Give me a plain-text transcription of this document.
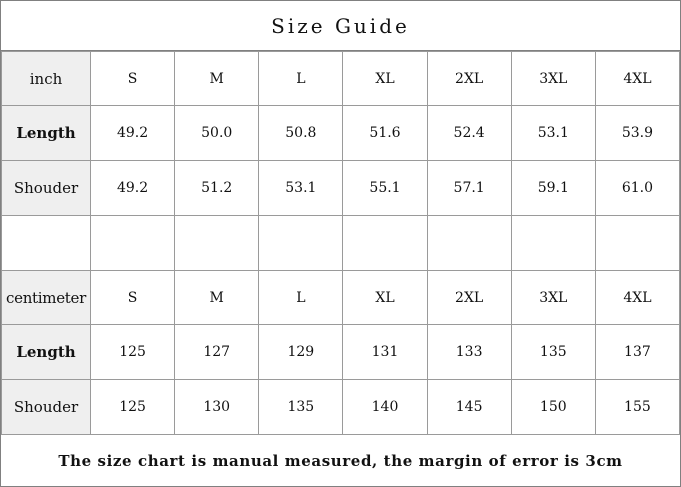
Size Guide
inch	S	M	L	XL	2XL	3XL	4XL
Length	49.2	50.0	50.8	51.6	52.4	53.1	53.9
Shouder	49.2	51.2	53.1	55.1	57.1	59.1	61.0

centimeter	S	M	L	XL	2XL	3XL	4XL
Length	125	127	129	131	133	135	137
Shouder	125	130	135	140	145	150	155
The size chart is manual measured, the margin of error is 3cm
